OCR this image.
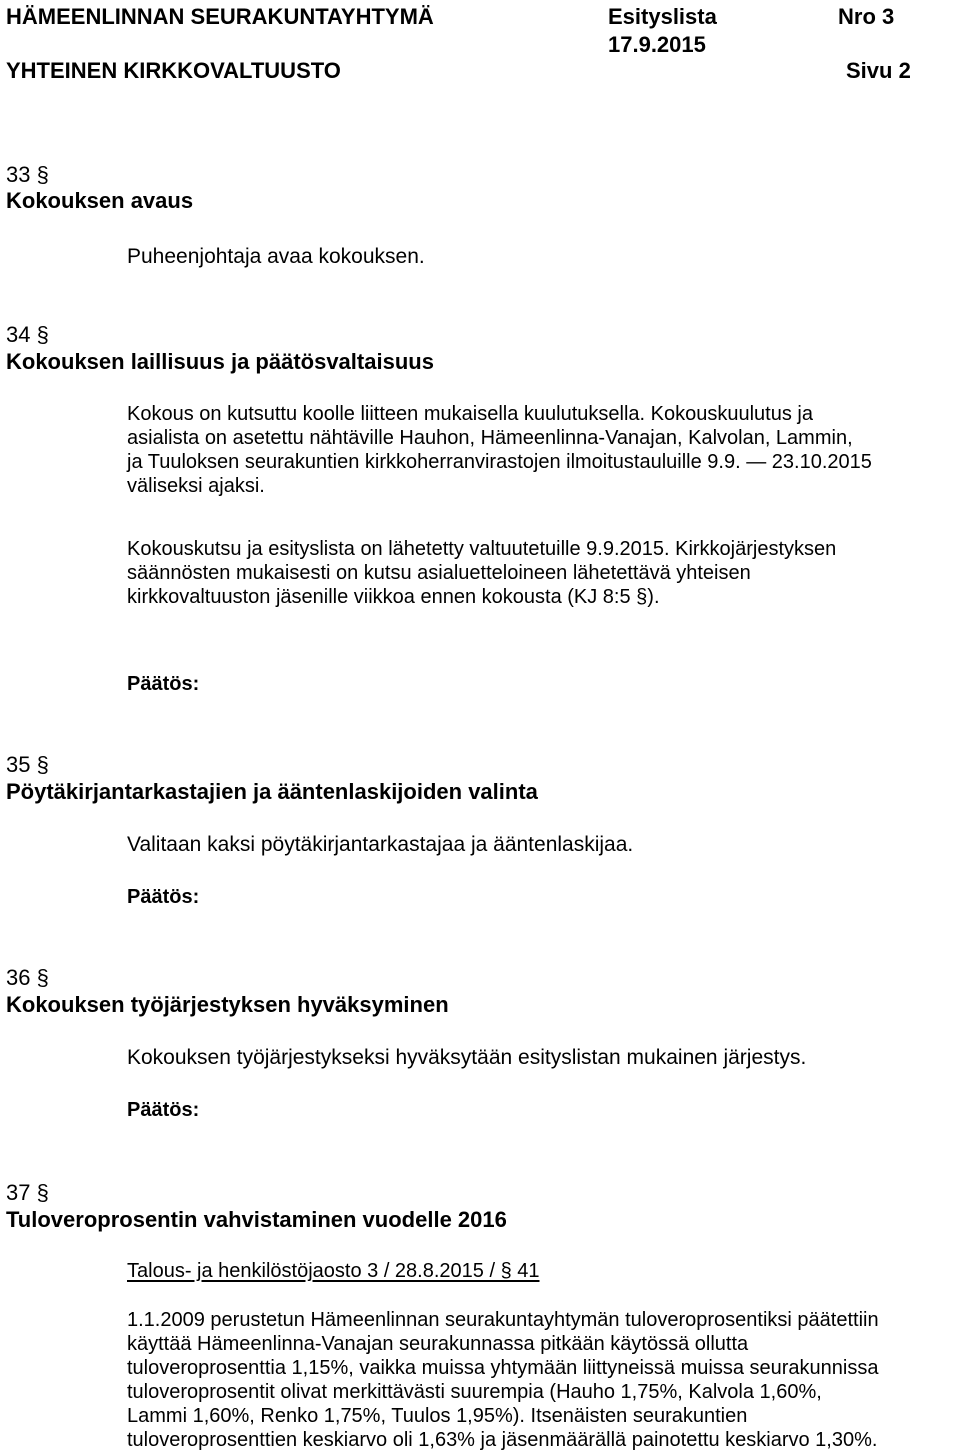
HÄMEENLINNAN SEURAKUNTAYHTYMÄ	Esityslista	Nro 3
17.9.2015
YHTEINEN KIRKKOVALTUUSTO	Sivu 2
33 §
Kokouksen avaus
Puheenjohtaja avaa kokouksen.
34 §
Kokouksen laillisuus ja päätösvaltaisuus
Kokous on kutsuttu koolle liitteen mukaisella kuulutuksella. Kokouskuulutus ja
asialista on asetettu nähtäville Hauhon, Hämeenlinna-Vanajan, Kalvolan, Lammin,
ja Tuuloksen seurakuntien kirkkoherranvirastojen ilmoitustauluille 9.9. — 23.10.2015
väliseksi ajaksi.
Kokouskutsu ja esityslista on lähetetty valtuutetuille 9.9.2015. Kirkkojärjestyksen
säännösten mukaisesti on kutsu asialuetteloineen lähetettävä yhteisen
kirkkovaltuuston jäsenille viikkoa ennen kokousta (KJ 8:5 §).
Päätös:
35 §
Pöytäkirjantarkastajien ja ääntenlaskijoiden valinta
Valitaan kaksi pöytäkirjantarkastajaa ja ääntenlaskijaa.
Päätös:
36 §
Kokouksen työjärjestyksen hyväksyminen
Kokouksen työjärjestykseksi hyväksytään esityslistan mukainen järjestys.
Päätös:
37 §
Tuloveroprosentin vahvistaminen vuodelle 2016
Talous- ja henkilöstöjaosto 3 / 28.8.2015 / § 41
1.1.2009 perustetun Hämeenlinnan seurakuntayhtymän tuloveroprosentiksi päätettiin
käyttää Hämeenlinna-Vanajan seurakunnassa pitkään käytössä ollutta
tuloveroprosenttia 1,15%, vaikka muissa yhtymään liittyneissä muissa seurakunnissa
tuloveroprosentit olivat merkittävästi suurempia (Hauho 1,75%, Kalvola 1,60%,
Lammi 1,60%, Renko 1,75%, Tuulos 1,95%). Itsenäisten seurakuntien
tuloveroprosenttien keskiarvo oli 1,63% ja jäsenmäärällä painotettu keskiarvo 1,30%.
